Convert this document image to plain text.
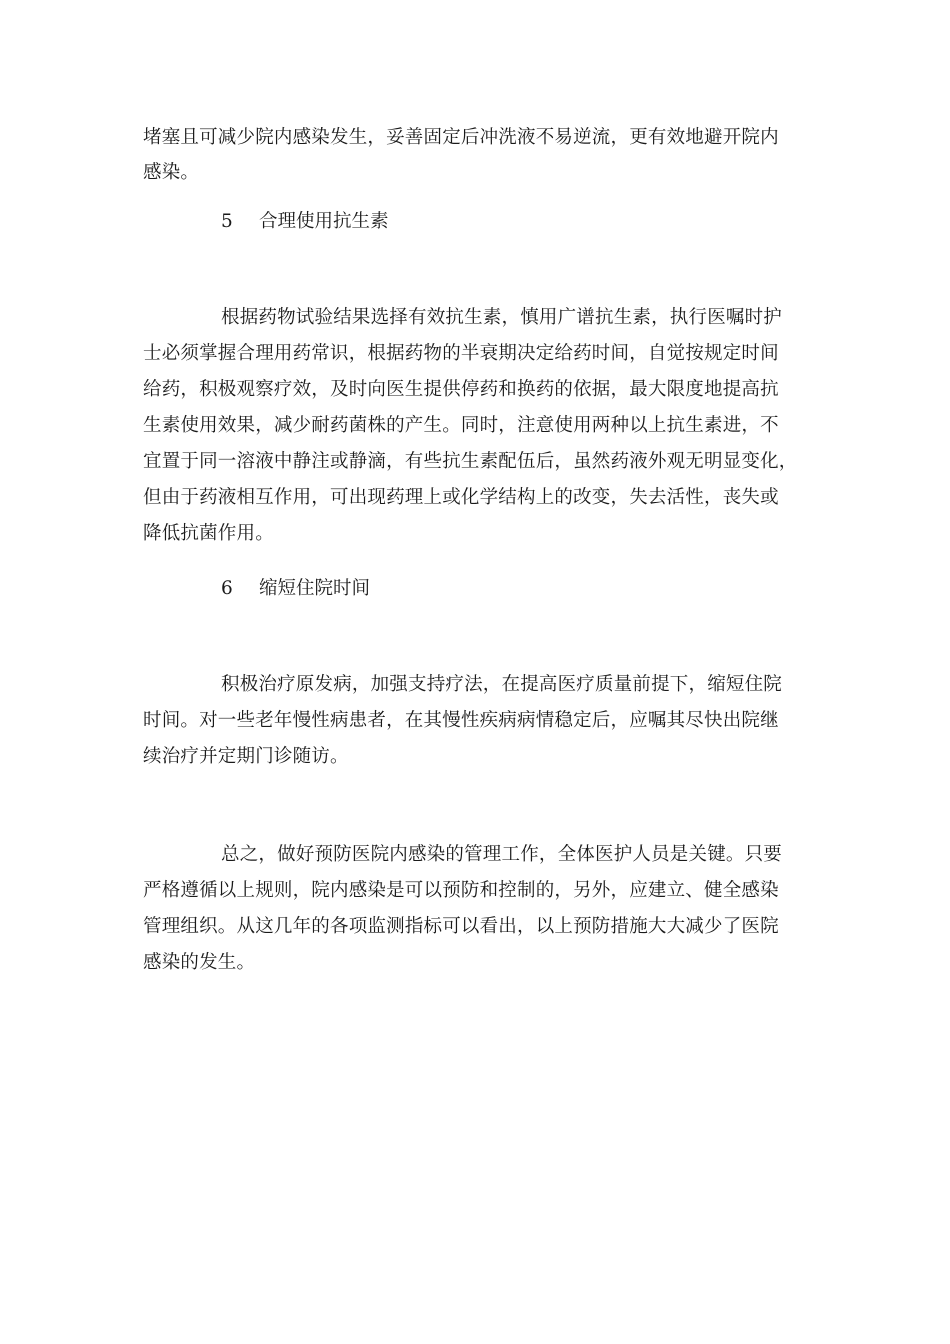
堵塞且可减少院内感染发生，妥善固定后冲洗液不易逆流，更有效地避开院内
感染。
5 合理使用抗生素
根据药物试验结果选择有效抗生素，慎用广谱抗生素，执行医嘱时护
士必须掌握合理用药常识，根据药物的半衰期决定给药时间，自觉按规定时间
给药，积极观察疗效，及时向医生提供停药和换药的依据，最大限度地提高抗
生素使用效果，减少耐药菌株的产生。同时，注意使用两种以上抗生素进，不
宜置于同一溶液中静注或静滴，有些抗生素配伍后，虽然药液外观无明显变化，
但由于药液相互作用，可出现药理上或化学结构上的改变，失去活性，丧失或
降低抗菌作用。
6 缩短住院时间
积极治疗原发病，加强支持疗法，在提高医疗质量前提下，缩短住院
时间。对一些老年慢性病患者，在其慢性疾病病情稳定后，应嘱其尽快出院继
续治疗并定期门诊随访。
总之，做好预防医院内感染的管理工作，全体医护人员是关键。只要
严格遵循以上规则，院内感染是可以预防和控制的，另外，应建立、健全感染
管理组织。从这几年的各项监测指标可以看出，以上预防措施大大减少了医院
感染的发生。
